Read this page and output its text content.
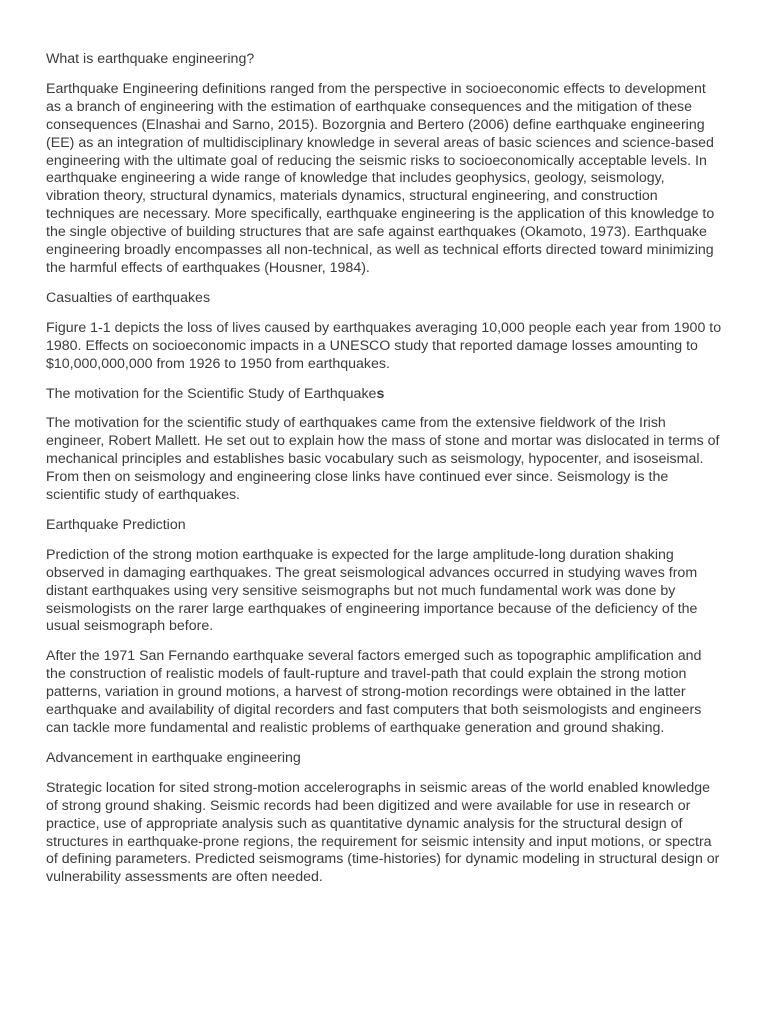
What is earthquake engineering?

Earthquake Engineering definitions ranged from the perspective in socioeconomic effects to development as a branch of engineering with the estimation of earthquake consequences and the mitigation of these consequences (Elnashai and Sarno, 2015). Bozorgnia and Bertero (2006) define earthquake engineering (EE) as an integration of multidisciplinary knowledge in several areas of basic sciences and science-based engineering with the ultimate goal of reducing the seismic risks to socioeconomically acceptable levels. In earthquake engineering a wide range of knowledge that includes geophysics, geology, seismology, vibration theory, structural dynamics, materials dynamics, structural engineering, and construction techniques are necessary. More specifically, earthquake engineering is the application of this knowledge to the single objective of building structures that are safe against earthquakes (Okamoto, 1973). Earthquake engineering broadly encompasses all non-technical, as well as technical efforts directed toward minimizing the harmful effects of earthquakes (Housner, 1984).

Casualties of earthquakes

Figure 1-1 depicts the loss of lives caused by earthquakes averaging 10,000 people each year from 1900 to 1980. Effects on socioeconomic impacts in a UNESCO study that reported damage losses amounting to $10,000,000,000 from 1926 to 1950 from earthquakes.

The motivation for the Scientific Study of Earthquakes

The motivation for the scientific study of earthquakes came from the extensive fieldwork of the Irish engineer, Robert Mallett. He set out to explain how the mass of stone and mortar was dislocated in terms of mechanical principles and establishes basic vocabulary such as seismology, hypocenter, and isoseismal. From then on seismology and engineering close links have continued ever since. Seismology is the scientific study of earthquakes.

Earthquake Prediction

Prediction of the strong motion earthquake is expected for the large amplitude-long duration shaking observed in damaging earthquakes. The great seismological advances occurred in studying waves from distant earthquakes using very sensitive seismographs but not much fundamental work was done by seismologists on the rarer large earthquakes of engineering importance because of the deficiency of the usual seismograph before.

After the 1971 San Fernando earthquake several factors emerged such as topographic amplification and the construction of realistic models of fault-rupture and travel-path that could explain the strong motion patterns, variation in ground motions, a harvest of strong-motion recordings were obtained in the latter earthquake and availability of digital recorders and fast computers that both seismologists and engineers can tackle more fundamental and realistic problems of earthquake generation and ground shaking.

Advancement in earthquake engineering

Strategic location for sited strong-motion accelerographs in seismic areas of the world enabled knowledge of strong ground shaking. Seismic records had been digitized and were available for use in research or practice, use of appropriate analysis such as quantitative dynamic analysis for the structural design of structures in earthquake-prone regions, the requirement for seismic intensity and input motions, or spectra of defining parameters. Predicted seismograms (time-histories) for dynamic modeling in structural design or vulnerability assessments are often needed.
